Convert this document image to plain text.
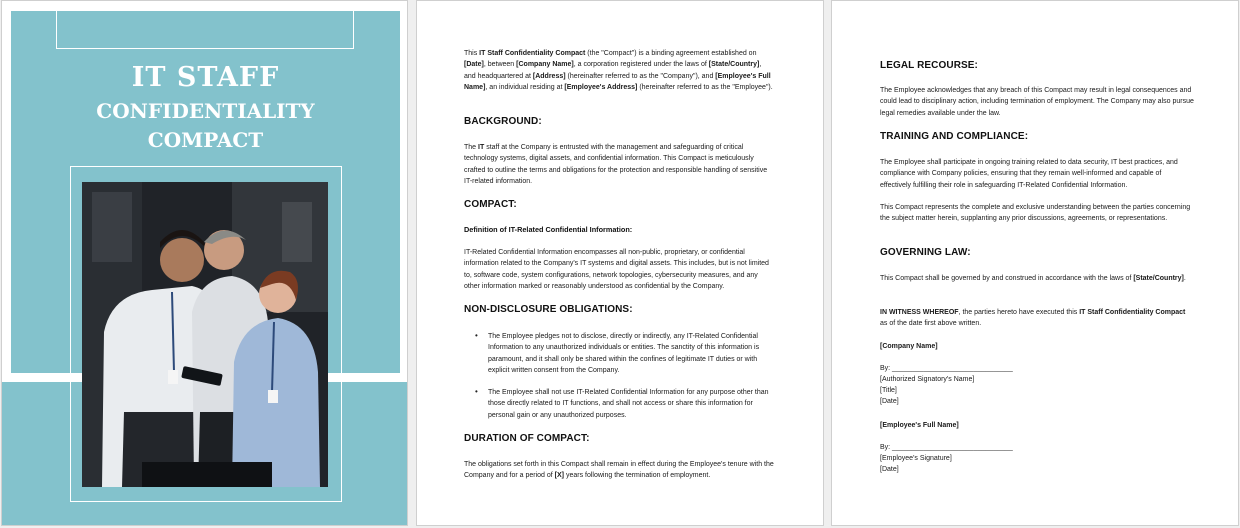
IT STAFF
CONFIDENTIALITY
COMPACT

This IT Staff Confidentiality Compact (the "Compact") is a binding agreement established on [Date], between [Company Name], a corporation registered under the laws of [State/Country], and headquartered at [Address] (hereinafter referred to as the "Company"), and [Employee's Full Name], an individual residing at [Employee's Address] (hereinafter referred to as the "Employee").

BACKGROUND:

The IT staff at the Company is entrusted with the management and safeguarding of critical technology systems, digital assets, and confidential information. This Compact is meticulously crafted to outline the terms and obligations for the protection and responsible handling of sensitive IT-related information.

COMPACT:
Definition of IT-Related Confidential Information:

IT-Related Confidential Information encompasses all non-public, proprietary, or confidential information related to the Company's IT systems and digital assets. This includes, but is not limited to, software code, system configurations, network topologies, cybersecurity measures, and any other information marked or reasonably understood as confidential by the Company.

NON-DISCLOSURE OBLIGATIONS:
•	The Employee pledges not to disclose, directly or indirectly, any IT-Related Confidential Information to any unauthorized individuals or entities. The sanctity of this information is paramount, and it shall only be shared within the confines of legitimate IT duties or with explicit written consent from the Company.

•	The Employee shall not use IT-Related Confidential Information for any purpose other than those directly related to IT functions, and shall not access or share this information for personal gain or any unauthorized purposes.

DURATION OF COMPACT:

The obligations set forth in this Compact shall remain in effect during the Employee's tenure with the Company and for a period of [X] years following the termination of employment.

LEGAL RECOURSE:

The Employee acknowledges that any breach of this Compact may result in legal consequences and could lead to disciplinary action, including termination of employment. The Company may also pursue legal remedies available under the law.

TRAINING AND COMPLIANCE:

The Employee shall participate in ongoing training related to data security, IT best practices, and compliance with Company policies, ensuring that they remain well-informed and capable of effectively fulfilling their role in safeguarding IT-Related Confidential Information.

This Compact represents the complete and exclusive understanding between the parties concerning the subject matter herein, supplanting any prior discussions, agreements, or representations.

GOVERNING LAW:

This Compact shall be governed by and construed in accordance with the laws of [State/Country].

IN WITNESS WHEREOF, the parties hereto have executed this IT Staff Confidentiality Compact as of the date first above written.

[Company Name]

By: _______________________________

[Authorized Signatory's Name]

[Title]

[Date]

[Employee's Full Name]

By: _______________________________

[Employee's Signature]

[Date]
